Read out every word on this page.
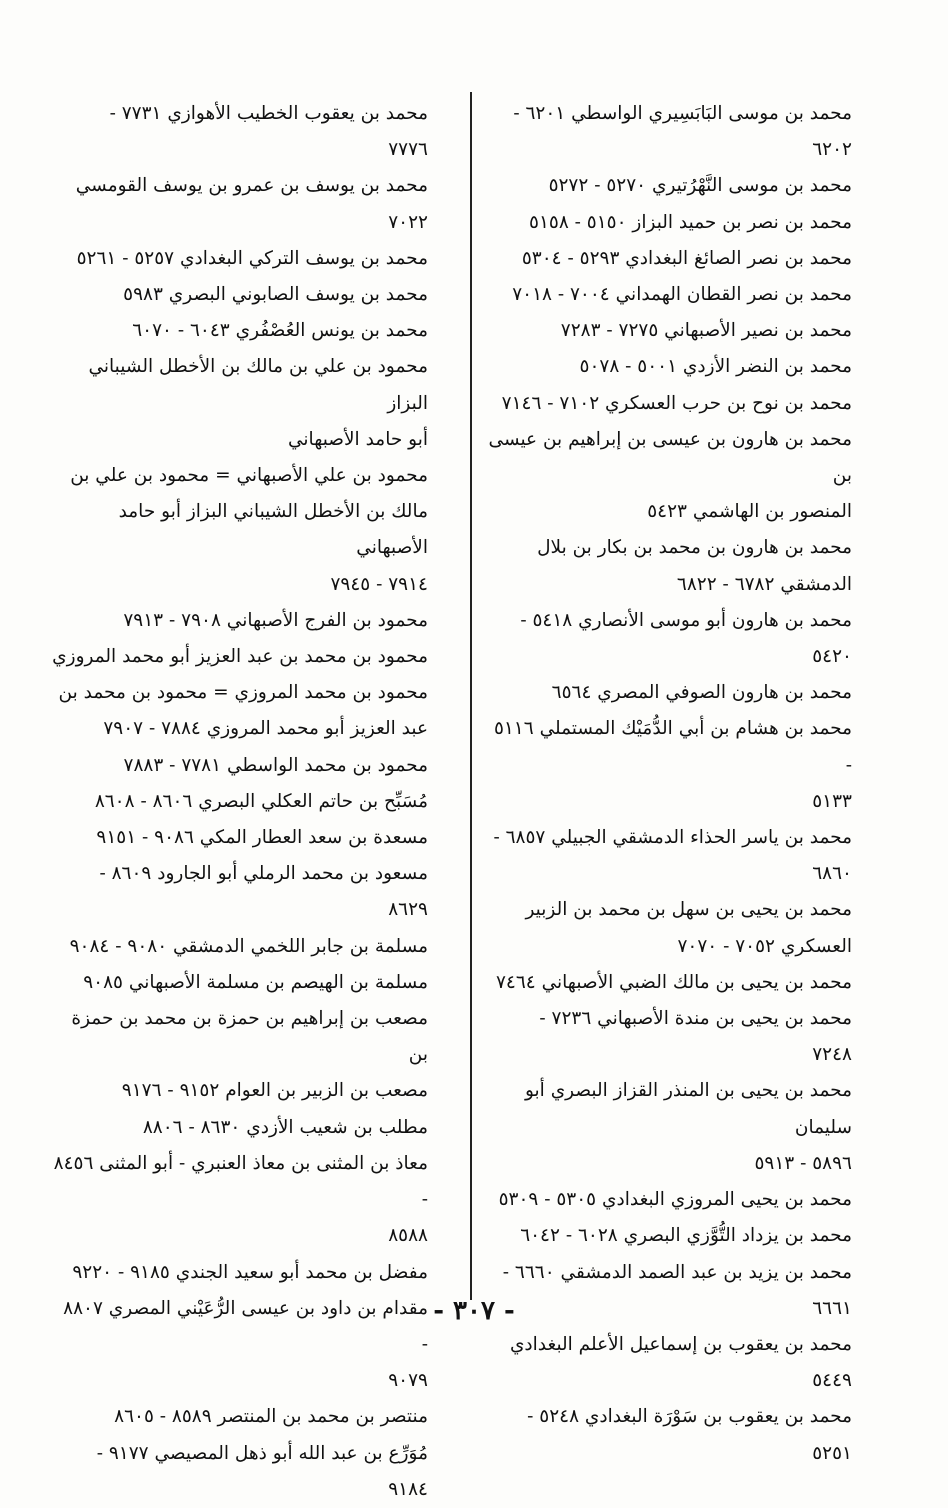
محمد بن موسى البَابَسِيري الواسطي ٦٢٠١ - ٦٢٠٢
محمد بن موسى النَّهْرُتيري ٥٢٧٠ - ٥٢٧٢
محمد بن نصر بن حميد البزاز ٥١٥٠ - ٥١٥٨
محمد بن نصر الصائغ البغدادي ٥٢٩٣ - ٥٣٠٤
محمد بن نصر القطان الهمداني ٧٠٠٤ - ٧٠١٨
محمد بن نصير الأصبهاني ٧٢٧٥ - ٧٢٨٣
محمد بن النضر الأزدي ٥٠٠١ - ٥٠٧٨
محمد بن نوح بن حرب العسكري ٧١٠٢ - ٧١٤٦
محمد بن هارون بن عيسى بن إبراهيم بن عيسى بن
المنصور بن الهاشمي ٥٤٢٣
محمد بن هارون بن محمد بن بكار بن بلال
الدمشقي ٦٧٨٢ - ٦٨٢٢
محمد بن هارون أبو موسى الأنصاري ٥٤١٨ -
٥٤٢٠
محمد بن هارون الصوفي المصري ٦٥٦٤
محمد بن هشام بن أبي الدُّمَيْك المستملي ٥١١٦ -
٥١٣٣
محمد بن ياسر الحذاء الدمشقي الجبيلي ٦٨٥٧ -
٦٨٦٠
محمد بن يحيى بن سهل بن محمد بن الزبير
العسكري ٧٠٥٢ - ٧٠٧٠
محمد بن يحيى بن مالك الضبي الأصبهاني ٧٤٦٤
محمد بن يحيى بن مندة الأصبهاني ٧٢٣٦ -
٧٢٤٨
محمد بن يحيى بن المنذر القزاز البصري أبو سليمان
٥٨٩٦ - ٥٩١٣
محمد بن يحيى المروزي البغدادي ٥٣٠٥ - ٥٣٠٩
محمد بن يزداد التُّوَّزي البصري ٦٠٢٨ - ٦٠٤٢
محمد بن يزيد بن عبد الصمد الدمشقي ٦٦٦٠ -
٦٦٦١
محمد بن يعقوب بن إسماعيل الأعلم البغدادي
٥٤٤٩
محمد بن يعقوب بن سَوْرَة البغدادي ٥٢٤٨ -
٥٢٥١
محمد بن يعقوب الخطيب الأهوازي ٧٧٣١ -
٧٧٧٦
محمد بن يوسف بن عمرو بن يوسف القومسي
٧٠٢٢
محمد بن يوسف التركي البغدادي ٥٢٥٧ - ٥٢٦١
محمد بن يوسف الصابوني البصري ٥٩٨٣
محمد بن يونس العُصْفُري ٦٠٤٣ - ٦٠٧٠
محمود بن علي بن مالك بن الأخطل الشيباني البزاز
أبو حامد الأصبهاني
محمود بن علي الأصبهاني = محمود بن علي بن
مالك بن الأخطل الشيباني البزاز أبو حامد الأصبهاني
٧٩١٤ - ٧٩٤٥
محمود بن الفرج الأصبهاني ٧٩٠٨ - ٧٩١٣
محمود بن محمد بن عبد العزيز أبو محمد المروزي
محمود بن محمد المروزي = محمود بن محمد بن
عبد العزيز أبو محمد المروزي ٧٨٨٤ - ٧٩٠٧
محمود بن محمد الواسطي ٧٧٨١ - ٧٨٨٣
مُسَبِّح بن حاتم العكلي البصري ٨٦٠٦ - ٨٦٠٨
مسعدة بن سعد العطار المكي ٩٠٨٦ - ٩١٥١
مسعود بن محمد الرملي أبو الجارود ٨٦٠٩ -
٨٦٢٩
مسلمة بن جابر اللخمي الدمشقي ٩٠٨٠ - ٩٠٨٤
مسلمة بن الهيصم بن مسلمة الأصبهاني ٩٠٨٥
مصعب بن إبراهيم بن حمزة بن محمد بن حمزة بن
مصعب بن الزبير بن العوام ٩١٥٢ - ٩١٧٦
مطلب بن شعيب الأزدي ٨٦٣٠ - ٨٨٠٦
معاذ بن المثنى بن معاذ العنبري - أبو المثنى ٨٤٥٦ -
٨٥٨٨
مفضل بن محمد أبو سعيد الجندي ٩١٨٥ - ٩٢٢٠
مقدام بن داود بن عيسى الرُّعَيْني المصري ٨٨٠٧ -
٩٠٧٩
منتصر بن محمد بن المنتصر ٨٥٨٩ - ٨٦٠٥
مُوَرِّع بن عبد الله أبو ذهل المصيصي ٩١٧٧ -
٩١٨٤
- ٣٠٧ -
